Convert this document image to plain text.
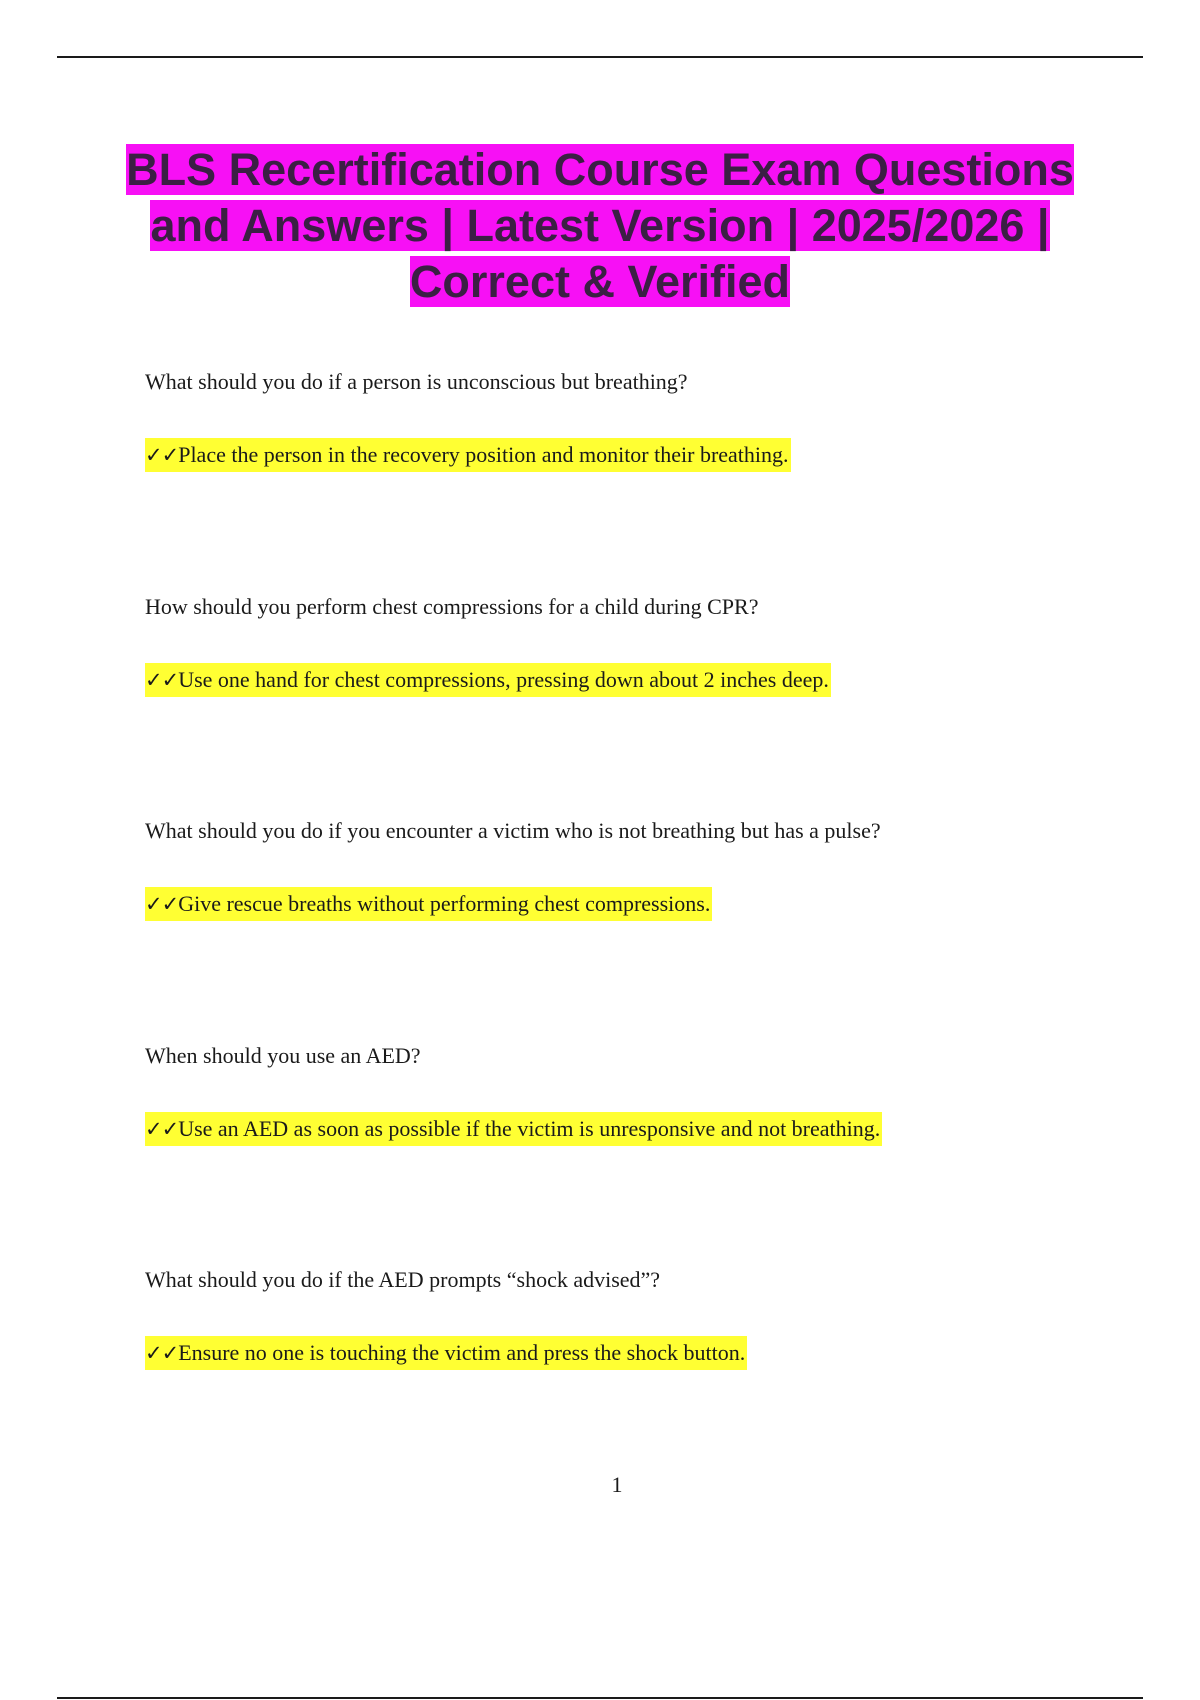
BLS Recertification Course Exam Questions and Answers | Latest Version | 2025/2026 | Correct & Verified

What should you do if a person is unconscious but breathing?

✓✓Place the person in the recovery position and monitor their breathing.

How should you perform chest compressions for a child during CPR?

✓✓Use one hand for chest compressions, pressing down about 2 inches deep.

What should you do if you encounter a victim who is not breathing but has a pulse?

✓✓Give rescue breaths without performing chest compressions.

When should you use an AED?

✓✓Use an AED as soon as possible if the victim is unresponsive and not breathing.

What should you do if the AED prompts “shock advised”?

✓✓Ensure no one is touching the victim and press the shock button.

1
